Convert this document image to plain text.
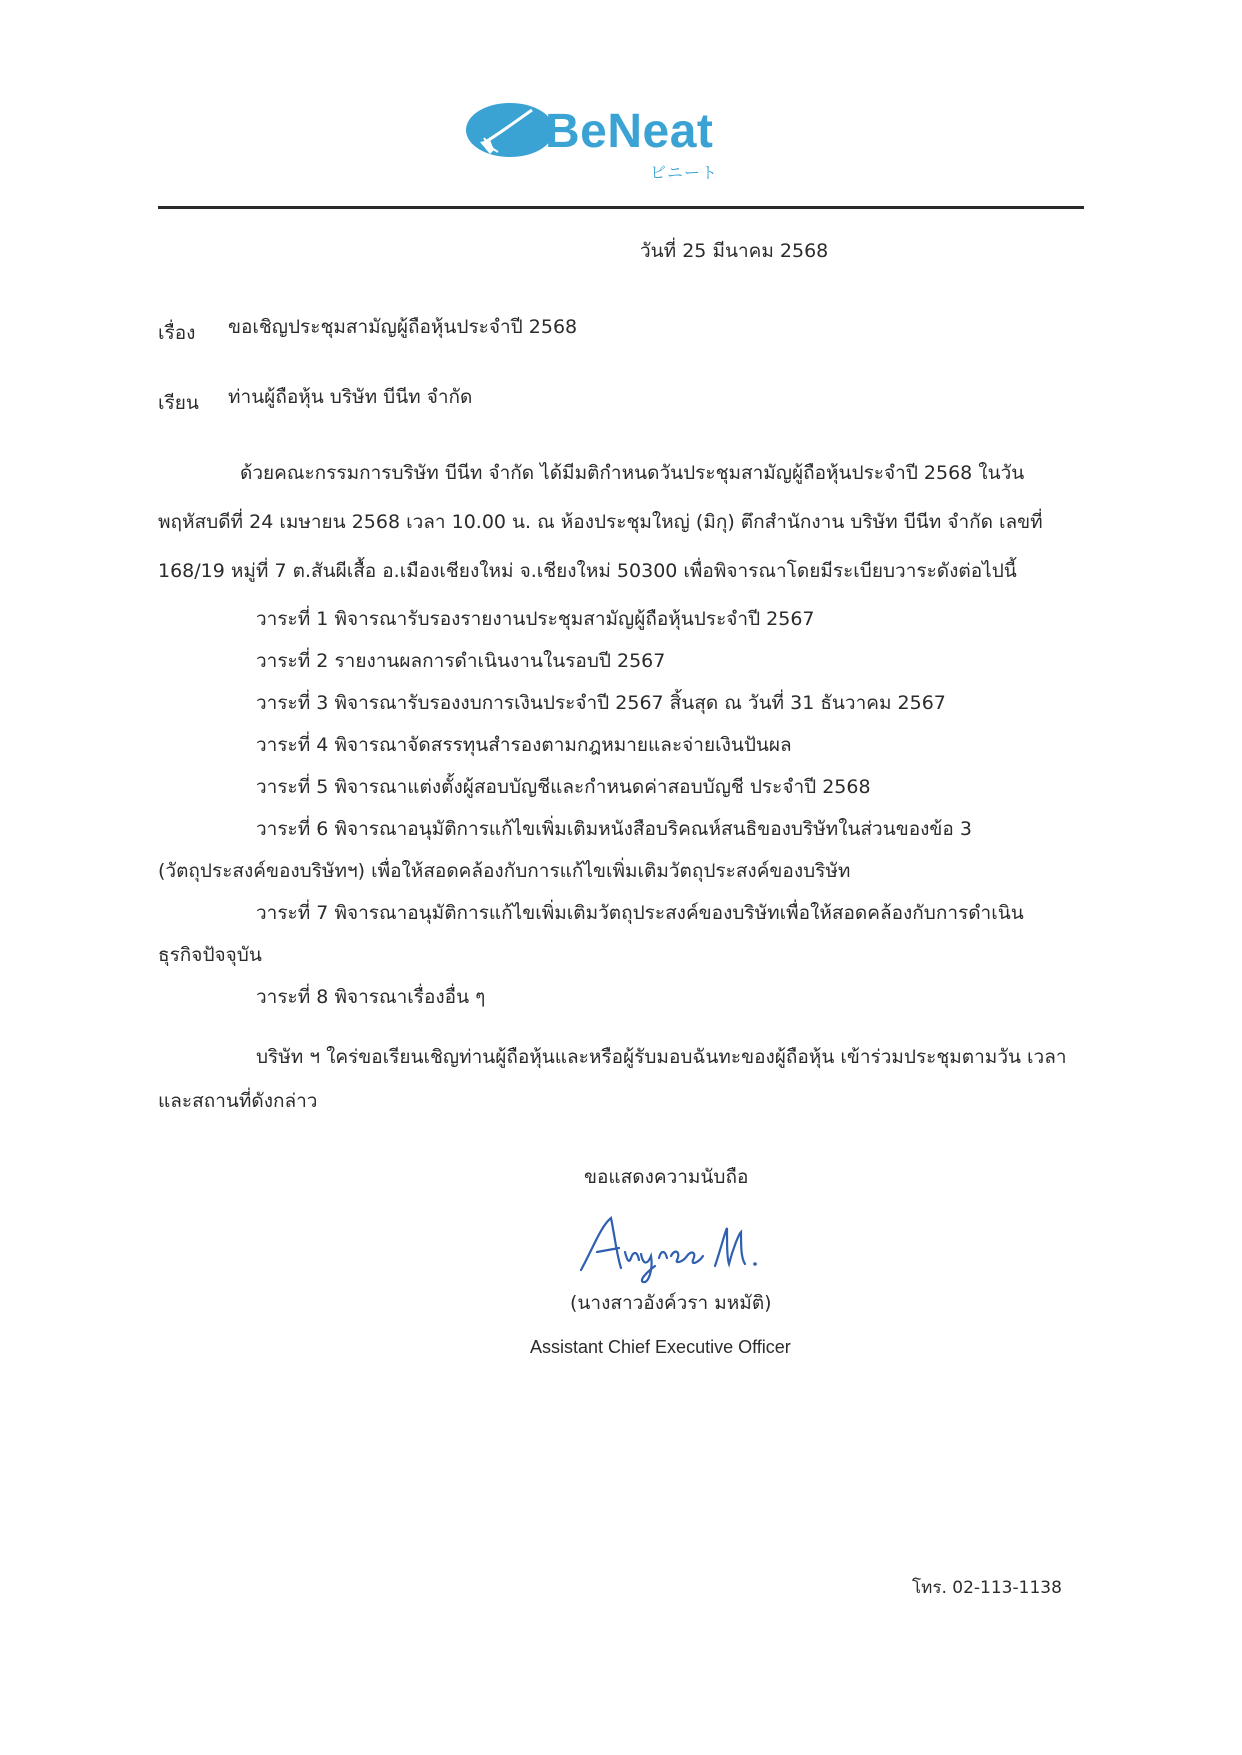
BeNeat
ビニート
วันที่ 25 มีนาคม 2568
เรื่อง ขอเชิญประชุมสามัญผู้ถือหุ้นประจำปี 2568
เรียน ท่านผู้ถือหุ้น บริษัท บีนีท จำกัด
ด้วยคณะกรรมการบริษัท บีนีท จำกัด ได้มีมติกำหนดวันประชุมสามัญผู้ถือหุ้นประจำปี 2568 ในวัน
พฤหัสบดีที่ 24 เมษายน 2568 เวลา 10.00 น. ณ ห้องประชุมใหญ่ (มิกุ) ตึกสำนักงาน บริษัท บีนีท จำกัด เลขที่
168/19 หมู่ที่ 7 ต.สันผีเสื้อ อ.เมืองเชียงใหม่ จ.เชียงใหม่ 50300 เพื่อพิจารณาโดยมีระเบียบวาระดังต่อไปนี้
วาระที่ 1 พิจารณารับรองรายงานประชุมสามัญผู้ถือหุ้นประจำปี 2567
วาระที่ 2 รายงานผลการดำเนินงานในรอบปี 2567
วาระที่ 3 พิจารณารับรองงบการเงินประจำปี 2567 สิ้นสุด ณ วันที่ 31 ธันวาคม 2567
วาระที่ 4 พิจารณาจัดสรรทุนสำรองตามกฎหมายและจ่ายเงินปันผล
วาระที่ 5 พิจารณาแต่งตั้งผู้สอบบัญชีและกำหนดค่าสอบบัญชี ประจำปี 2568
วาระที่ 6 พิจารณาอนุมัติการแก้ไขเพิ่มเติมหนังสือบริคณห์สนธิของบริษัทในส่วนของข้อ 3
(วัตถุประสงค์ของบริษัทฯ) เพื่อให้สอดคล้องกับการแก้ไขเพิ่มเติมวัตถุประสงค์ของบริษัท
วาระที่ 7 พิจารณาอนุมัติการแก้ไขเพิ่มเติมวัตถุประสงค์ของบริษัทเพื่อให้สอดคล้องกับการดำเนิน
ธุรกิจปัจจุบัน
วาระที่ 8 พิจารณาเรื่องอื่น ๆ
บริษัท ฯ ใคร่ขอเรียนเชิญท่านผู้ถือหุ้นและหรือผู้รับมอบฉันทะของผู้ถือหุ้น เข้าร่วมประชุมตามวัน เวลา
และสถานที่ดังกล่าว
ขอแสดงความนับถือ
(นางสาวอังค์วรา มหมัติ)
Assistant Chief Executive Officer
โทร. 02-113-1138
